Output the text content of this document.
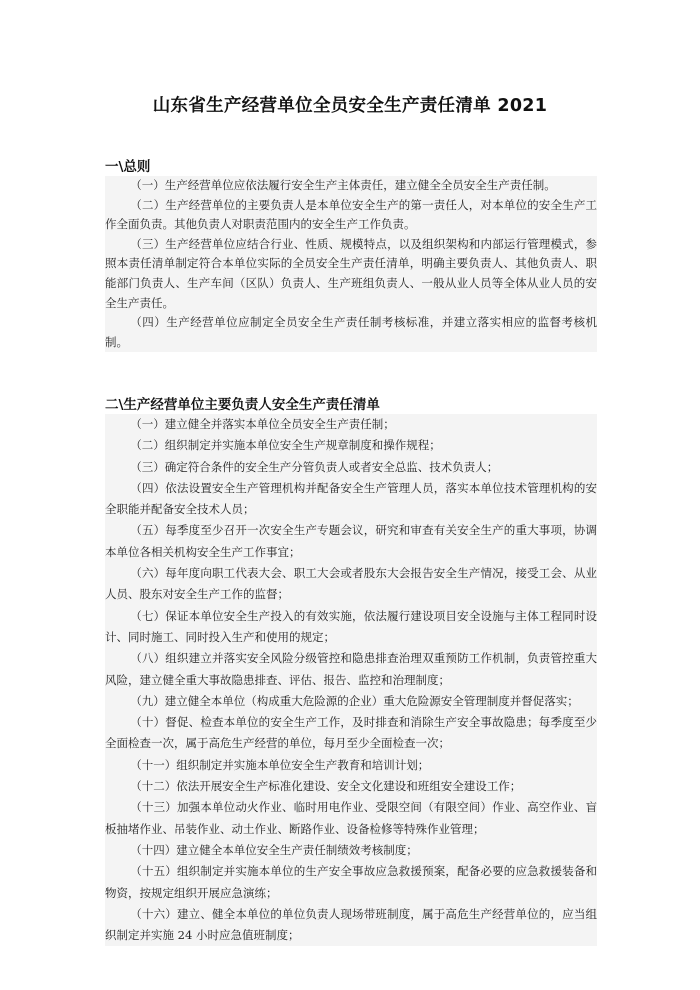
山东省生产经营单位全员安全生产责任清单 2021
一\总则

（一）生产经营单位应依法履行安全生产主体责任，建立健全全员安全生产责任制。

（二）生产经营单位的主要负责人是本单位安全生产的第一责任人，对本单位的安全生产工作全面负责。其他负责人对职责范围内的安全生产工作负责。

（三）生产经营单位应结合行业、性质、规模特点，以及组织架构和内部运行管理模式，参照本责任清单制定符合本单位实际的全员安全生产责任清单，明确主要负责人、其他负责人、职能部门负责人、生产车间（区队）负责人、生产班组负责人、一般从业人员等全体从业人员的安全生产责任。

（四）生产经营单位应制定全员安全生产责任制考核标准，并建立落实相应的监督考核机制。

二\生产经营单位主要负责人安全生产责任清单

（一）建立健全并落实本单位全员安全生产责任制；

（二）组织制定并实施本单位安全生产规章制度和操作规程；

（三）确定符合条件的安全生产分管负责人或者安全总监、技术负责人；

（四）依法设置安全生产管理机构并配备安全生产管理人员，落实本单位技术管理机构的安全职能并配备安全技术人员；

（五）每季度至少召开一次安全生产专题会议，研究和审查有关安全生产的重大事项，协调本单位各相关机构安全生产工作事宜；

（六）每年度向职工代表大会、职工大会或者股东大会报告安全生产情况，接受工会、从业人员、股东对安全生产工作的监督；

（七）保证本单位安全生产投入的有效实施，依法履行建设项目安全设施与主体工程同时设计、同时施工、同时投入生产和使用的规定；

（八）组织建立并落实安全风险分级管控和隐患排查治理双重预防工作机制，负责管控重大风险，建立健全重大事故隐患排查、评估、报告、监控和治理制度；

（九）建立健全本单位（构成重大危险源的企业）重大危险源安全管理制度并督促落实；

（十）督促、检查本单位的安全生产工作，及时排查和消除生产安全事故隐患；每季度至少全面检查一次，属于高危生产经营的单位，每月至少全面检查一次；

（十一）组织制定并实施本单位安全生产教育和培训计划；

（十二）依法开展安全生产标准化建设、安全文化建设和班组安全建设工作；

（十三）加强本单位动火作业、临时用电作业、受限空间（有限空间）作业、高空作业、盲板抽堵作业、吊装作业、动土作业、断路作业、设备检修等特殊作业管理；

（十四）建立健全本单位安全生产责任制绩效考核制度；

（十五）组织制定并实施本单位的生产安全事故应急救援预案，配备必要的应急救援装备和物资，按规定组织开展应急演练；

（十六）建立、健全本单位的单位负责人现场带班制度，属于高危生产经营单位的，应当组织制定并实施 24 小时应急值班制度；
